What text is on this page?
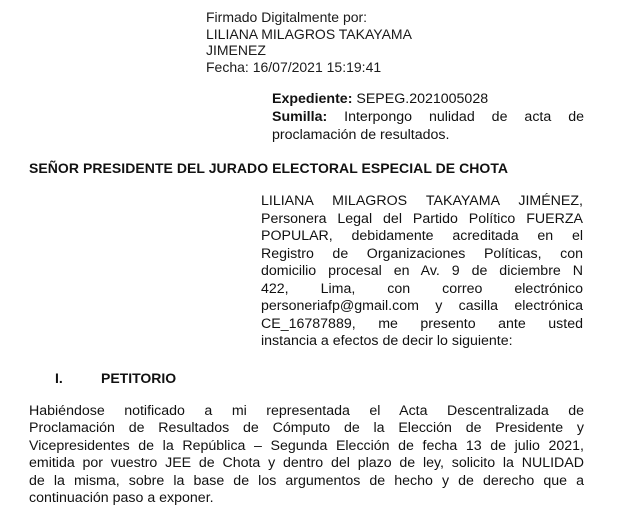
Firmado Digitalmente por:
LILIANA MILAGROS TAKAYAMA
JIMENEZ
Fecha: 16/07/2021 15:19:41
Expediente: SEPEG.2021005028
Sumilla: Interpongo nulidad de acta de
proclamación de resultados.
SEÑOR PRESIDENTE DEL JURADO ELECTORAL ESPECIAL DE CHOTA
LILIANA MILAGROS TAKAYAMA JIMÉNEZ,
Personera Legal del Partido Político FUERZA
POPULAR, debidamente acreditada en el
Registro de Organizaciones Políticas, con
domicilio procesal en Av. 9 de diciembre N
422, Lima, con correo electrónico
personeriafp@gmail.com y casilla electrónica
CE_16787889, me presento ante usted
instancia a efectos de decir lo siguiente:
I.	PETITORIO
Habiéndose notificado a mi representada el Acta Descentralizada de
Proclamación de Resultados de Cómputo de la Elección de Presidente y
Vicepresidentes de la República – Segunda Elección de fecha 13 de julio 2021,
emitida por vuestro JEE de Chota y dentro del plazo de ley, solicito la NULIDAD
de la misma, sobre la base de los argumentos de hecho y de derecho que a
continuación paso a exponer.
